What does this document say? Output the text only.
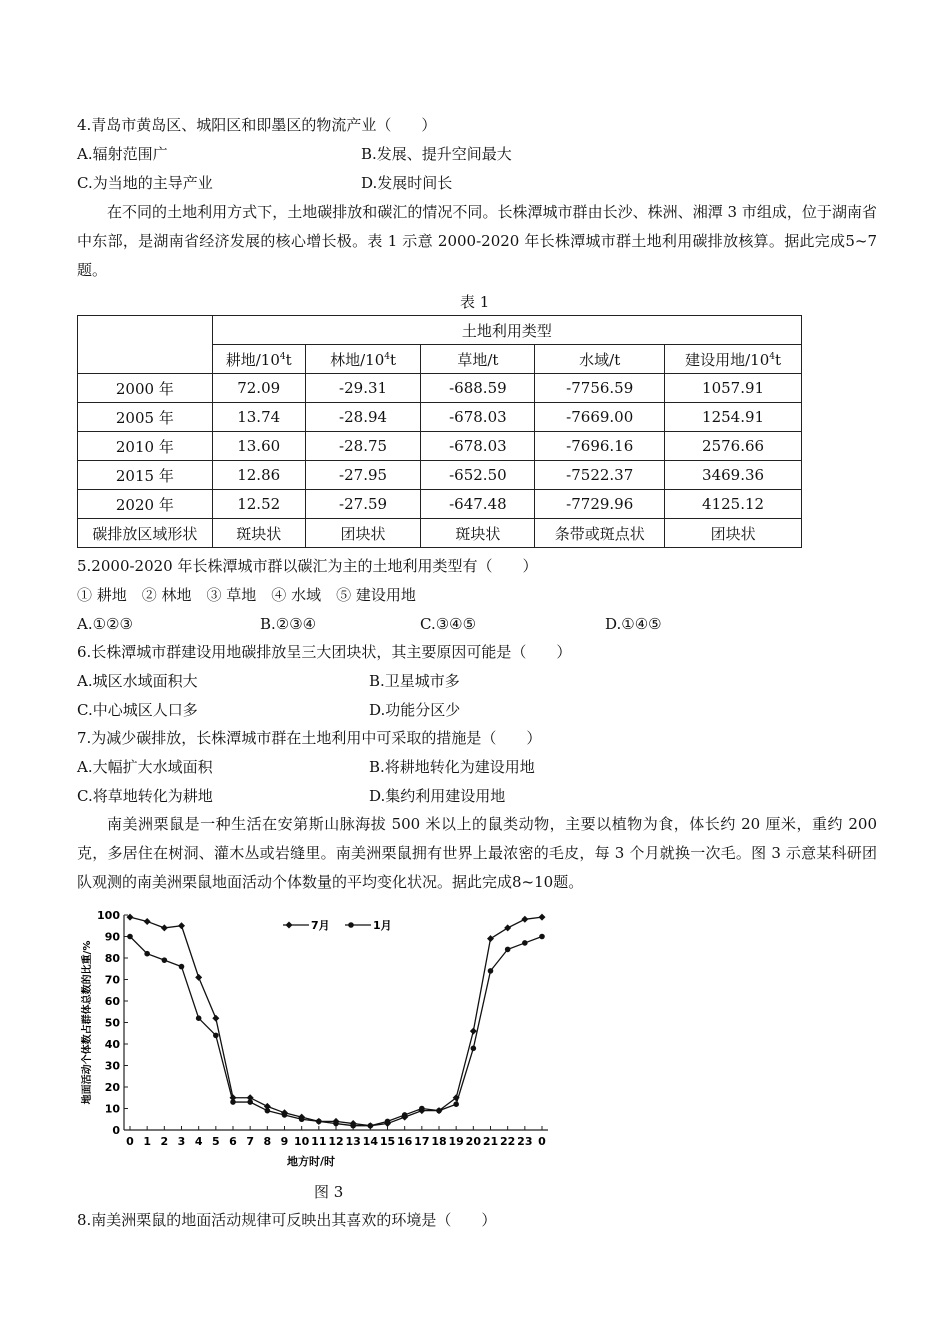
4.青岛市黄岛区、城阳区和即墨区的物流产业（　　）
A.辐射范围广	B.发展、提升空间最大
C.为当地的主导产业	D.发展时间长
在不同的土地利用方式下，土地碳排放和碳汇的情况不同。长株潭城市群由长沙、株洲、湘潭 3 市组成，位于湖南省中东部，是湖南省经济发展的核心增长极。表 1 示意 2000-2020 年长株潭城市群土地利用碳排放核算。据此完成5~7题。
表 1
	土地利用类型				
	耕地$/10^4t$	林地$/10^4t$	草地/t	水域/t	建设用地$/10^4t$
2000 年	72.09	-29.31	-688.59	-7756.59	1057.91
2005 年	13.74	-28.94	-678.03	-7669.00	1254.91
2010 年	13.60	-28.75	-678.03	-7696.16	2576.66
2015 年	12.86	-27.95	-652.50	-7522.37	3469.36
2020 年	12.52	-27.59	-647.48	-7729.96	4125.12
碳排放区域形状	斑块状	团块状	斑块状	条带或斑点状	团块状
5.2000-2020 年长株潭城市群以碳汇为主的土地利用类型有（　　）
① 耕地　② 林地　③ 草地　④ 水域　⑤ 建设用地
A.①②③	B.②③④	C.③④⑤	D.①④⑤
6.长株潭城市群建设用地碳排放呈三大团块状，其主要原因可能是（　　）
A.城区水域面积大	B.卫星城市多
C.中心城区人口多	D.功能分区少
7.为减少碳排放，长株潭城市群在土地利用中可采取的措施是（　　）
A.大幅扩大水域面积	B.将耕地转化为建设用地
C.将草地转化为耕地	D.集约利用建设用地
南美洲栗鼠是一种生活在安第斯山脉海拔 500 米以上的鼠类动物，主要以植物为食，体长约 20 厘米，重约 200 克，多居住在树洞、灌木丛或岩缝里。南美洲栗鼠拥有世界上最浓密的毛皮，每 3 个月就换一次毛。图 3 示意某科研团队观测的南美洲栗鼠地面活动个体数量的平均变化状况。据此完成8~10题。
0
10
20
30
40
50
60
70
80
90
100
0 1 2 3 4 5 6 7 8 9 10 11 12 13 14 15 16 17 18 19 20 21 22 23 0
地方时/时
地面活动个体数占群体总数的比重/%
7月	1月
图 3
8.南美洲栗鼠的地面活动规律可反映出其喜欢的环境是（　　）
